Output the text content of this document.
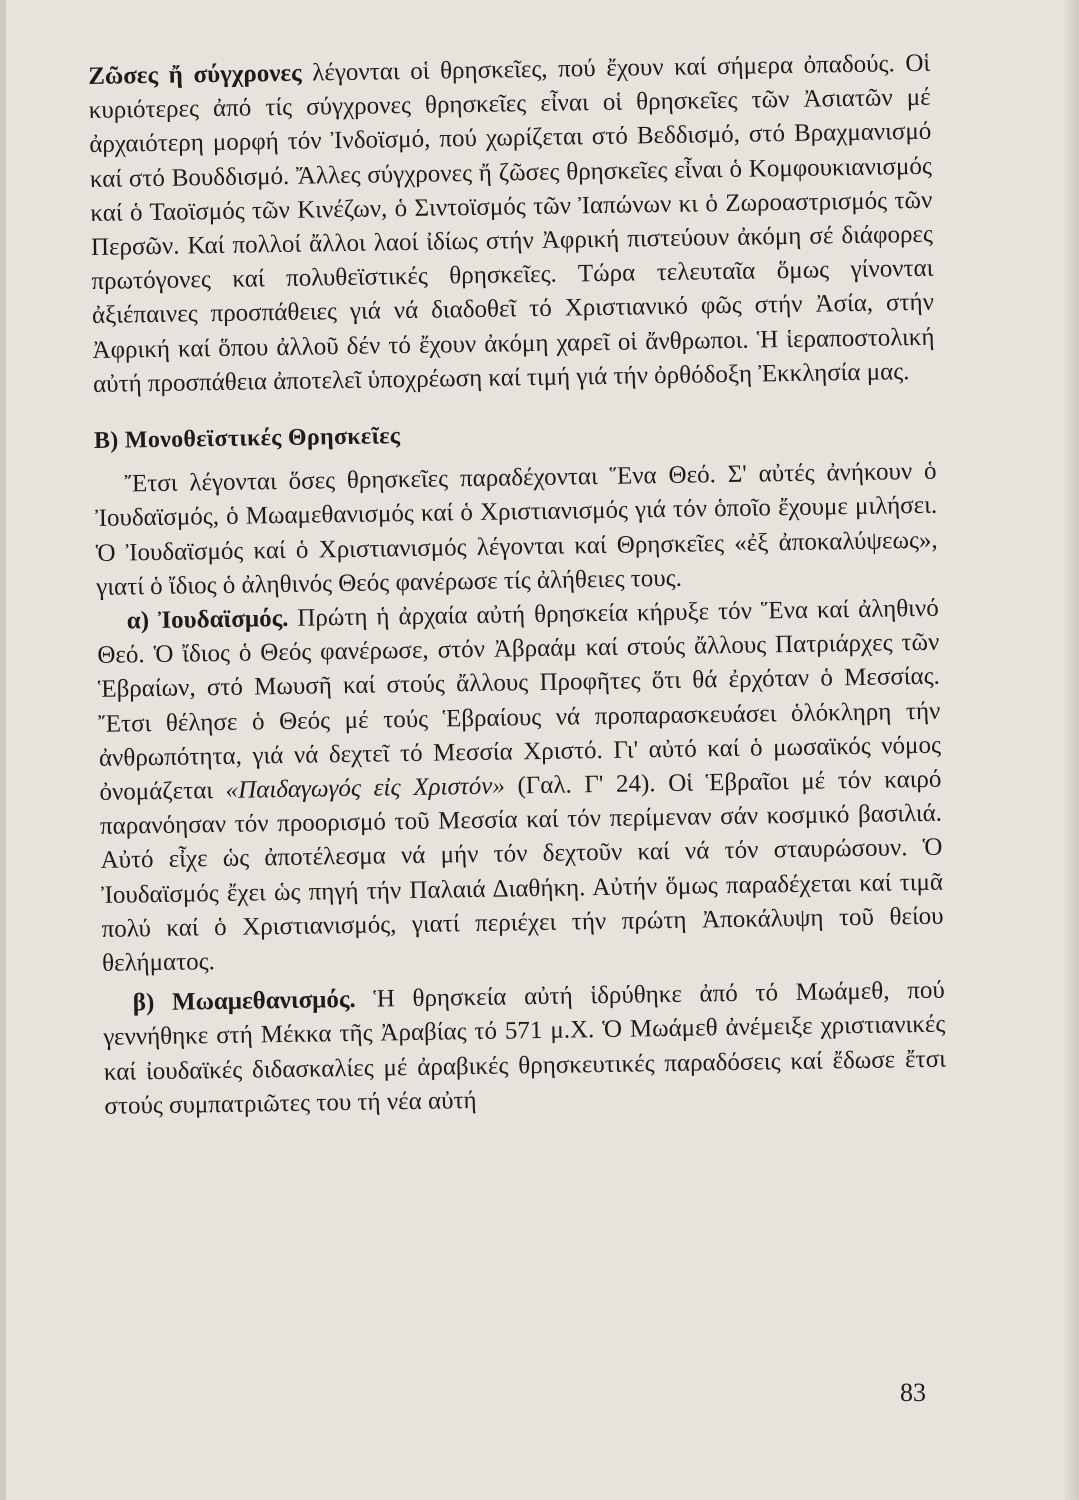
Ζῶσες ἤ σύγχρονες λέγονται οἱ θρησκεῖες, πού ἔχουν καί σήμερα ὀπαδούς. Οἱ κυριότερες ἀπό τίς σύγχρονες θρησκεῖες εἶναι οἱ θρησκεῖες τῶν Ἀσιατῶν μέ ἀρχαιότερη μορφή τόν Ἰνδοϊσμό, πού χωρίζεται στό Βεδδισμό, στό Βραχμανισμό καί στό Βουδδισμό. Ἄλλες σύγχρονες ἤ ζῶσες θρησκεῖες εἶναι ὁ Κομφουκιανισμός καί ὁ Ταοϊσμός τῶν Κινέζων, ὁ Σιντοϊσμός τῶν Ἰαπώνων κι ὁ Ζωροαστρισμός τῶν Περσῶν. Καί πολλοί ἄλλοι λαοί ἰδίως στήν Ἀφρική πιστεύουν ἀκόμη σέ διάφορες πρωτόγονες καί πολυθεϊστικές θρησκεῖες. Τώρα τελευταῖα ὅμως γίνονται ἀξιέπαινες προσπάθειες γιά νά διαδοθεῖ τό Χριστιανικό φῶς στήν Ἀσία, στήν Ἀφρική καί ὅπου ἀλλοῦ δέν τό ἔχουν ἀκόμη χαρεῖ οἱ ἄνθρωποι. Ἡ ἱεραποστολική αὐτή προσπάθεια ἀποτελεῖ ὑποχρέωση καί τιμή γιά τήν ὀρθόδοξη Ἐκκλησία μας.

Β) Μονοθεϊστικές Θρησκεῖες

Ἔτσι λέγονται ὅσες θρησκεῖες παραδέχονται Ἕνα Θεό. Σ' αὐτές ἀνήκουν ὁ Ἰουδαϊσμός, ὁ Μωαμεθανισμός καί ὁ Χριστιανισμός γιά τόν ὁποῖο ἔχουμε μιλήσει. Ὁ Ἰουδαϊσμός καί ὁ Χριστιανισμός λέγονται καί Θρησκεῖες «ἐξ ἀποκαλύψεως», γιατί ὁ ἴδιος ὁ ἀληθινός Θεός φανέρωσε τίς ἀλήθειες τους.

α) Ἰουδαϊσμός. Πρώτη ἡ ἀρχαία αὐτή θρησκεία κήρυξε τόν Ἕνα καί ἀληθινό Θεό. Ὁ ἴδιος ὁ Θεός φανέρωσε, στόν Ἀβραάμ καί στούς ἄλλους Πατριάρχες τῶν Ἑβραίων, στό Μωυσῆ καί στούς ἄλλους Προφῆτες ὅτι θά ἐρχόταν ὁ Μεσσίας. Ἔτσι θέλησε ὁ Θεός μέ τούς Ἑβραίους νά προπαρασκευάσει ὁλόκληρη τήν ἀνθρωπότητα, γιά νά δεχτεῖ τό Μεσσία Χριστό. Γι' αὐτό καί ὁ μωσαϊκός νόμος ὀνομάζεται «Παιδαγωγός εἰς Χριστόν» (Γαλ. Γ' 24). Οἱ Ἑβραῖοι μέ τόν καιρό παρανόησαν τόν προορισμό τοῦ Μεσσία καί τόν περίμεναν σάν κοσμικό βασιλιά. Αὐτό εἶχε ὡς ἀποτέλεσμα νά μήν τόν δεχτοῦν καί νά τόν σταυρώσουν. Ὁ Ἰουδαϊσμός ἔχει ὡς πηγή τήν Παλαιά Διαθήκη. Αὐτήν ὅμως παραδέχεται καί τιμᾶ πολύ καί ὁ Χριστιανισμός, γιατί περιέχει τήν πρώτη Ἀποκάλυψη τοῦ θείου θελήματος.

β) Μωαμεθανισμός. Ἡ θρησκεία αὐτή ἱδρύθηκε ἀπό τό Μωάμεθ, πού γεννήθηκε στή Μέκκα τῆς Ἀραβίας τό 571 μ.Χ. Ὁ Μωάμεθ ἀνέμειξε χριστιανικές καί ἰουδαϊκές διδασκαλίες μέ ἀραβικές θρησκευτικές παραδόσεις καί ἔδωσε ἔτσι στούς συμπατριῶτες του τή νέα αὐτή

83
